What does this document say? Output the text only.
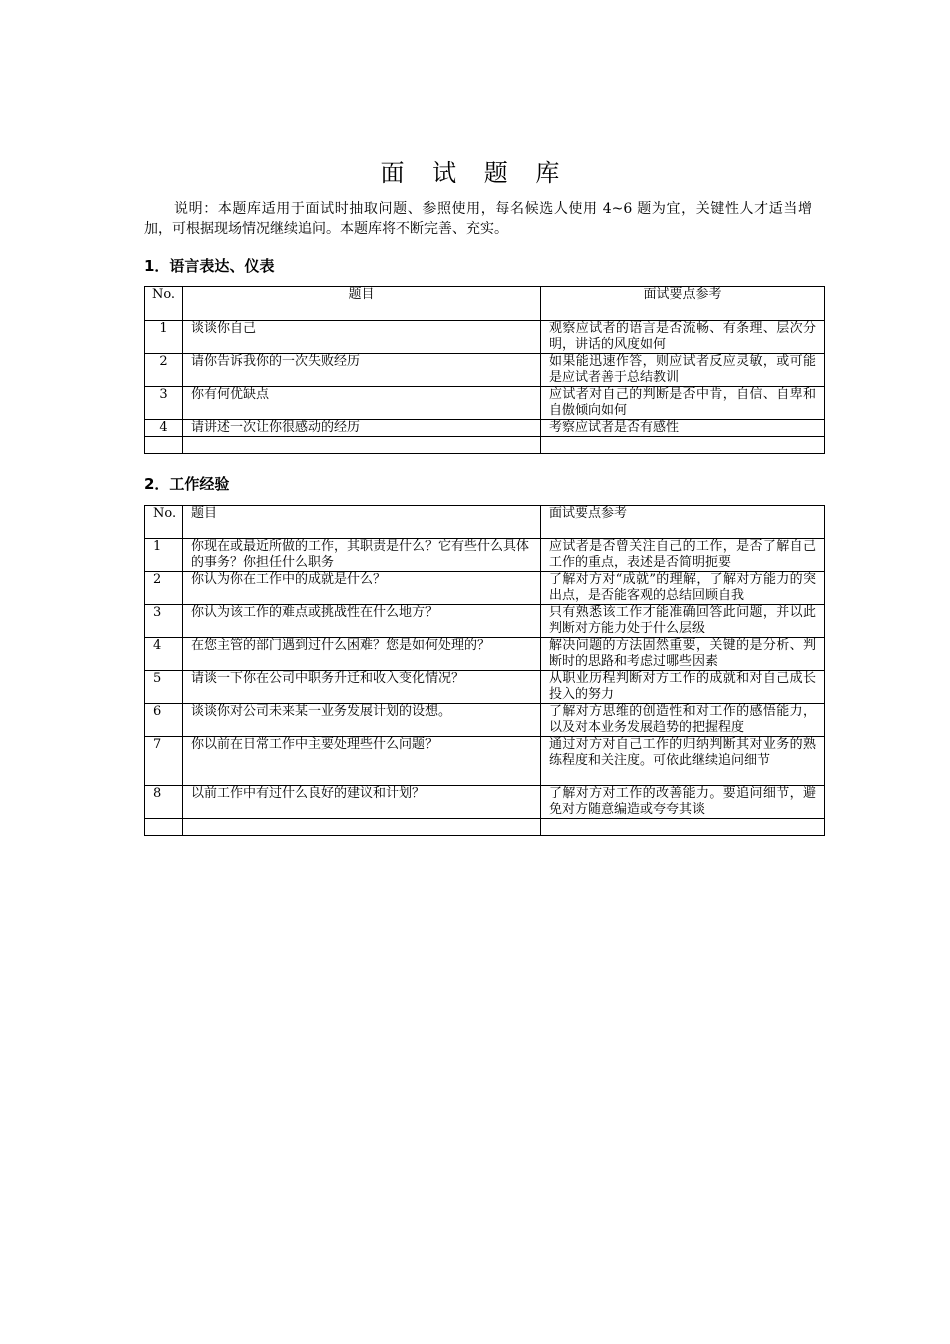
面 试 题 库
说明：本题库适用于面试时抽取问题、参照使用，每名候选人使用 4~6 题为宜，关键性人才适当增加，可根据现场情况继续追问。本题库将不断完善、充实。
1．语言表达、仪表
No.	题目	面试要点参考
1	谈谈你自己	观察应试者的语言是否流畅、有条理、层次分明，讲话的风度如何
2	请你告诉我你的一次失败经历	如果能迅速作答，则应试者反应灵敏，或可能是应试者善于总结教训
3	你有何优缺点	应试者对自己的判断是否中肯，自信、自卑和自傲倾向如何
4	请讲述一次让你很感动的经历	考察应试者是否有感性

2．工作经验
No.	题目	面试要点参考
1	你现在或最近所做的工作，其职责是什么？它有些什么具体的事务？你担任什么职务	应试者是否曾关注自己的工作，是否了解自己工作的重点，表述是否简明扼要
2	你认为你在工作中的成就是什么？	了解对方对“成就”的理解，了解对方能力的突出点，是否能客观的总结回顾自我
3	你认为该工作的难点或挑战性在什么地方？	只有熟悉该工作才能准确回答此问题，并以此判断对方能力处于什么层级
4	在您主管的部门遇到过什么困难？您是如何处理的？	解决问题的方法固然重要，关键的是分析、判断时的思路和考虑过哪些因素
5	请谈一下你在公司中职务升迁和收入变化情况？	从职业历程判断对方工作的成就和对自己成长投入的努力
6	谈谈你对公司未来某一业务发展计划的设想。	了解对方思维的创造性和对工作的感悟能力，以及对本业务发展趋势的把握程度
7	你以前在日常工作中主要处理些什么问题？	通过对方对自己工作的归纳判断其对业务的熟练程度和关注度。可依此继续追问细节
8	以前工作中有过什么良好的建议和计划？	了解对方对工作的改善能力。要追问细节，避免对方随意编造或夸夸其谈
